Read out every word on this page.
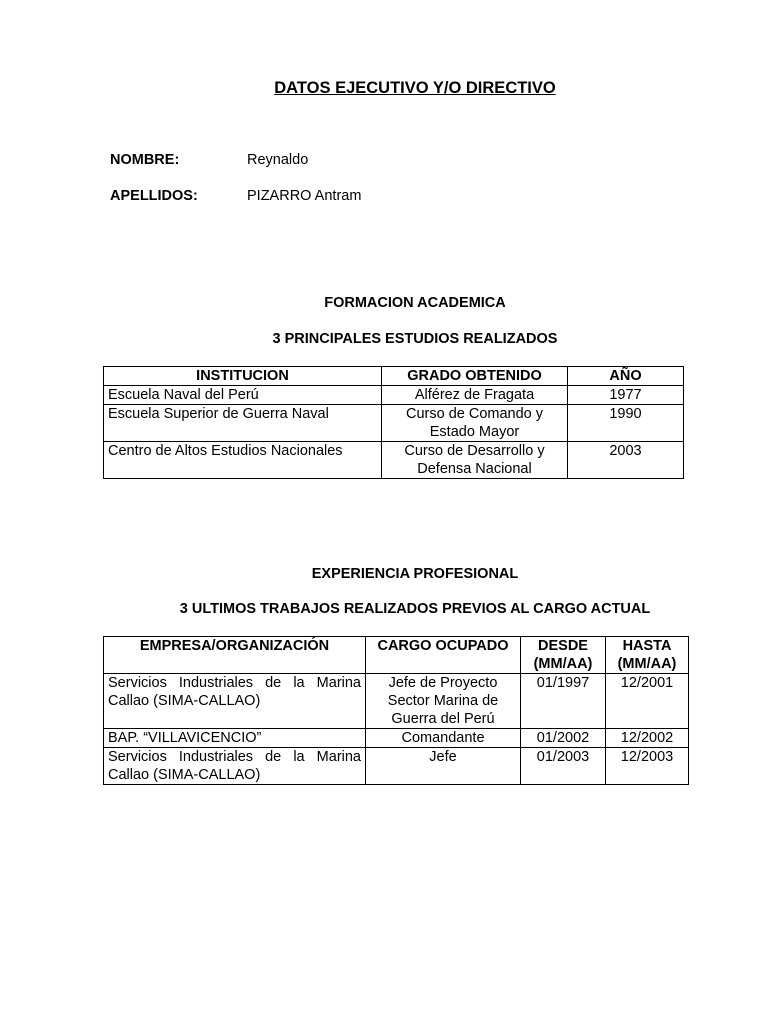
DATOS EJECUTIVO Y/O DIRECTIVO
NOMBRE:	Reynaldo
APELLIDOS:	PIZARRO Antram
FORMACION ACADEMICA
3 PRINCIPALES ESTUDIOS REALIZADOS
INSTITUCION	GRADO OBTENIDO	AÑO
Escuela Naval del Perú	Alférez de Fragata	1977
Escuela Superior de Guerra Naval	Curso de Comando y Estado Mayor	1990
Centro de Altos Estudios Nacionales	Curso de Desarrollo y Defensa Nacional	2003
EXPERIENCIA PROFESIONAL
3 ULTIMOS TRABAJOS REALIZADOS PREVIOS AL CARGO ACTUAL
EMPRESA/ORGANIZACIÓN	CARGO OCUPADO	DESDE (MM/AA)	HASTA (MM/AA)
Servicios Industriales de la Marina Callao (SIMA-CALLAO)	Jefe de Proyecto Sector Marina de Guerra del Perú	01/1997	12/2001
BAP. “VILLAVICENCIO”	Comandante	01/2002	12/2002
Servicios Industriales de la Marina Callao (SIMA-CALLAO)	Jefe	01/2003	12/2003
